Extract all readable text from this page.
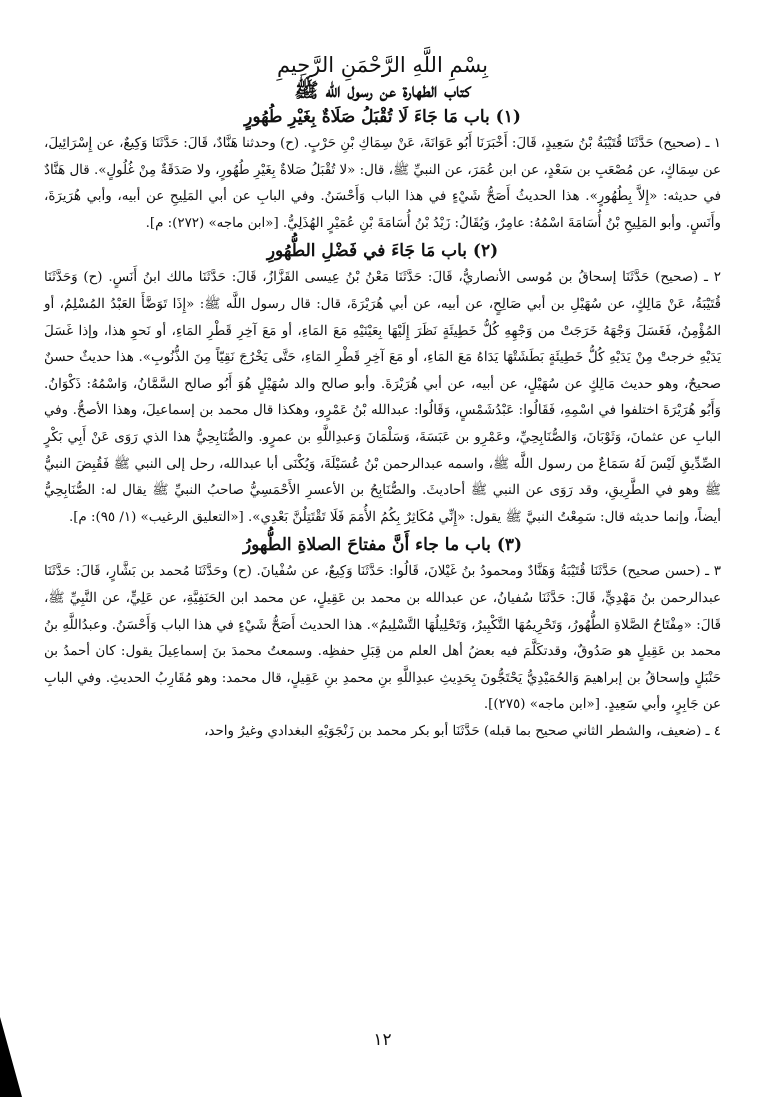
بِسْمِ اللَّهِ الرَّحْمَنِ الرَّحِيمِ
كتاب الطهارة عن رسول الله ﷺ
(١) باب مَا جَاءَ لَا تُقْبَلُ صَلَاةٌ بِغَيْرِ طُهُورٍ

١ ـ (صحيح) حَدَّثَنَا قُتَيْبَةُ بْنُ سَعِيدٍ، قَالَ: أَخْبَرَنَا أَبُو عَوَانَةَ، عَنْ سِمَاكِ بْنِ حَرْبٍ. (ح) وحدثنا هَنَّادٌ، قَالَ: حَدَّثَنَا وَكِيعٌ، عن إِسْرَائِيلَ، عن سِمَاكٍ، عن مُصْعَبِ بن سَعْدٍ، عن ابن عُمَرَ، عن النبيِّ ﷺ، قال: «لا تُقْبَلُ صَلاةٌ بِغَيْرِ طُهُورٍ، ولا صَدَقَةٌ مِنْ غُلُولٍ». قال هَنَّادٌ في حديثه: «إِلاَّ بِطُهُورٍ». هذا الحديثُ أَصَحُّ شَيْءٍ في هذا الباب وَأَحْسَنُ. وفي البابِ عن أبي المَلِيحِ عن أبيه، وأبي هُرَيرَةَ، وأَنَسٍ. وأبو المَلِيحِ بْنُ أُسَامَةَ اسْمُهُ: عامِرٌ، وَيُقَالُ: زَيْدُ بْنُ أُسَامَةَ بْنِ عُمَيْرٍ الهُذَلِيُّ. [«ابن ماجه» (٢٧٢): م].

(٢) باب مَا جَاءَ في فَضْلِ الطُّهُورِ

٢ ـ (صحيح) حَدَّثَنَا إسحاقُ بن مُوسى الأنصاريُّ، قَالَ: حَدَّثَنَا مَعْنُ بْنُ عِيسى القَزَّازُ، قَالَ: حَدَّثَنَا مالك ابنُ أَنَسٍ. (ح) وَحَدَّثَنَا قُتَيْبَةُ، عَنْ مَالِكٍ، عن سُهَيْلِ بن أبي صَالِحٍ، عن أبيه، عن أبي هُرَيْرَةَ، قال: قال رسول اللَّه ﷺ: «إِذَا تَوَضَّأَ العَبْدُ المُسْلِمُ، أو المُؤْمِنُ، فَغَسَلَ وَجْهَهُ خَرَجَتْ من وَجْهِهِ كُلُّ خَطِيئَةٍ نَظَرَ إِلَيْهَا بِعَيْنَيْهِ مَعَ المَاءِ، أو مَعَ آخِرِ قَطْرِ المَاءِ، أو نَحوِ هذا، وإذا غَسَلَ يَدَيْهِ خرجتْ مِنْ يَدَيْهِ كُلُّ خَطِيئَةٍ بَطَشَتْهَا يَدَاهُ مَعَ المَاءِ، أو مَعَ آخِرِ قَطْرِ المَاءِ، حَتَّى يَخْرُجَ نَقِيّاً مِنَ الذُّنُوبِ». هذا حديثٌ حسنٌ صحيحٌ، وهو حديث مَالِكٍ عن سُهَيْلٍ، عن أبيه، عن أبي هُرَيْرَةَ. وأبو صالح والد سُهَيْلٍ هُوَ أَبُو صالح السَّمَّانُ، وَاسْمُهُ: ذَكْوَانُ. وَأَبُو هُرَيْرَةَ اختلفوا في اسْمِهِ، فَقَالُوا: عَبْدُشَمْسٍ، وَقَالُوا: عبدالله بْنُ عَمْرٍو، وهكذا قال محمد بن إسماعيلَ، وهذا الأصحُّ. وفي البابِ عن عثمانَ، وَثَوْبَانَ، وَالصُّنَابِحِيِّ، وعَمْرِو بن عَبَسَةَ، وَسَلْمَانَ وَعبدِاللَّهِ بن عمرٍو. والصُّنَابِحِيُّ هذا الذي رَوَى عَنْ أَبِي بَكْرٍ الصِّدِّيقِ لَيْسَ لَهُ سَمَاعٌ من رسول اللَّه ﷺ، واسمه عبدالرحمن بْنُ عُسَيْلَةَ، وَيُكْنَى أبا عبدالله، رحل إلى النبي ﷺ فَقُبِضَ النبيُّ ﷺ وهو في الطَّرِيقِ، وقد رَوَى عن النبي ﷺ أحاديثَ. والصُّنَابِحُ بن الأعسرِ الأَحْمَسِيُّ صاحبُ النبيِّ ﷺ يقال له: الصُّنَابِحِيُّ أيضاً، وإنما حديثه قال: سَمِعْتُ النبيَّ ﷺ يقول: «إِنِّي مُكَاثِرٌ بِكُمُ الأُمَمَ فَلَا تَقْتَتِلُنَّ بَعْدِي». [«التعليق الرغيب» (١/ ٩٥): م].

(٣) باب ما جاء أَنَّ مفتاحَ الصلاةِ الطُّهورُ

٣ ـ (حسن صحيح) حَدَّثَنَا قُتَيْبَةُ وَهَنَّادٌ ومحمودُ بنُ غَيْلانَ، قَالُوا: حَدَّثَنَا وَكِيعٌ، عن سُفْيانَ. (ح) وحَدَّثَنَا مُحمد بن بَشَّارٍ، قَالَ: حَدَّثَنَا عبدالرحمن بنُ مَهْدِيٍّ، قَالَ: حَدَّثَنَا سُفيانُ، عن عبدالله بن محمد بن عَقِيلٍ، عن محمد ابن الحَنَفِيَّةِ، عن عَلِيٍّ، عن النَّبِيِّ ﷺ، قَالَ: «مِفْتَاحُ الصَّلاةِ الطُّهُورُ، وَتَحْرِيمُهَا التَّكْبِيرُ، وَتَحْلِيلُهَا التَّسْلِيمُ». هذا الحديث أَصَحُّ شَيْءٍ في هذا الباب وَأَحْسَنُ. وعبدُاللَّهِ بنُ محمد بن عَقِيلٍ هو صَدُوقٌ، وقدتكَلَّمَ فيه بعضُ أهل العلم من قِبَلِ حفظِه. وسمعتُ محمدَ بنَ إسماعِيلَ يقول: كان أحمدُ بن حَنْبَلٍ وإسحاقُ بن إبراهيمَ وَالحُمَيْدِيُّ يَحْتَجُّونَ بِحَدِيثِ عبدِاللَّهِ بنِ محمدِ بنِ عَقِيلٍ، قال محمد: وهو مُقَارِبُ الحديثِ. وفي البابِ عن جَابِرٍ، وأبي سَعِيدٍ. [«ابن ماجه» (٢٧٥)].

٤ ـ (ضعيف، والشطر الثاني صحيح بما قبله) حَدَّثَنَا أبو بكر محمد بن زَنْجَوَيْهِ البغدادي وغيرُ واحد،

١٢
